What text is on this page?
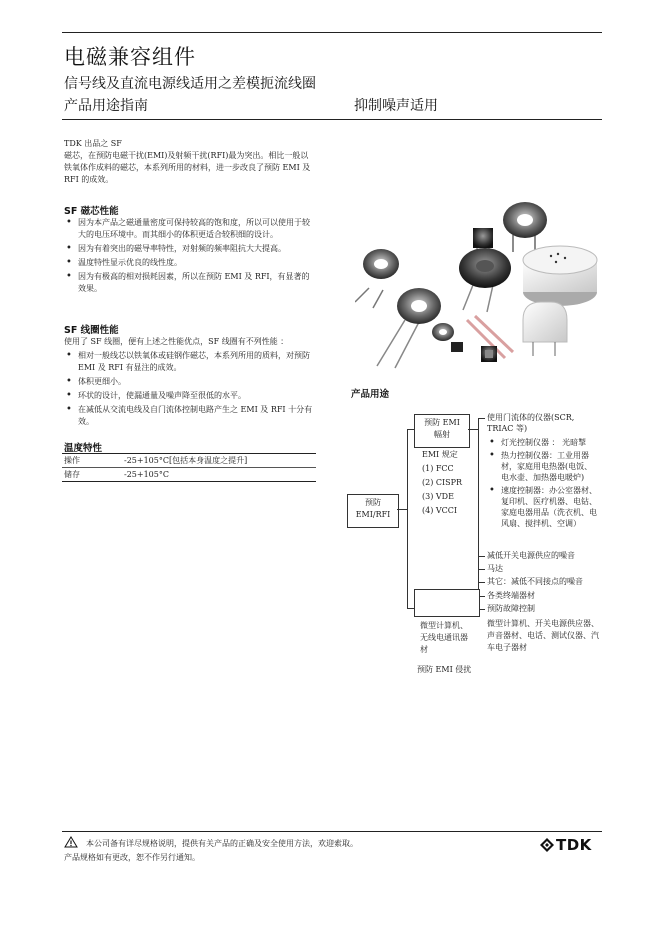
电磁兼容组件
信号线及直流电源线适用之差模扼流线圈
产品用途指南	抑制噪声适用
TDK 出品之 SF
磁芯，在预防电磁干扰(EMI)及射频干扰(RFI)最为突出。相比一般以铁氧体作成料的磁芯，本系列所用的材料，进一步改良了预防 EMI 及 RFI 的成效。
SF 磁芯性能
• 因为本产品之磁通量密度可保持较高的饱和度，所以可以使用于较大的电压环境中。而其细小的体积更适合较积细的设计。
• 因为有着突出的磁导率特性，对射频的频率阻抗大大提高。
• 温度特性显示优良的线性度。
• 因为有极高的相对损耗因素，所以在预防 EMI 及 RFI，有显著的效果。
SF 线圈性能
使用了 SF 线圈，便有上述之性能优点，SF 线圈有不列性能 ：
• 相对一般线芯以铁氧体或硅钢作磁芯，本系列所用的质料，对预防 EMI 及 RFI 有显注的成效。
• 体积更细小。
• 环状的设计，使漏通量及噪声降至很低的水平。
• 在减低从交流电线及自门流体控制电路产生之 EMI 及 RFI 十分有效。
温度特性
操作	-25+105°C[包括本身温度之提升]
储存	-25+105°C
产品用途
预防
EMI/RFI
预防 EMI
幅射
EMI 规定
(1) FCC
(2) CISPR
(3) VDE
(4) VCCI
使用门流体的仪器(SCR, TRIAC 等)
• 灯光控制仪器 ： 光暗掣
• 热力控制仪器：工业用器材，家庭用电热器(电饭、电水壶、加热器电暖炉)
• 速度控制器：办公室器材、复印机、医疗机器、电钻、家庭电器用品（洗衣机、电风扇、搅拌机、空调）
减低开关电源供应的噪音
马达
其它：减低不同接点的噪音
各类终端器材
预防故障控制
微型计算机、无线电通讯器材
微型计算机、开关电源供应器、声音器材、电话、测试仪器、汽车电子器材
预防 EMI 侵扰
本公司备有详尽规格说明，提供有关产品的正确及安全使用方法，欢迎索取。
产品规格如有更改，恕不作另行通知。
TDK
